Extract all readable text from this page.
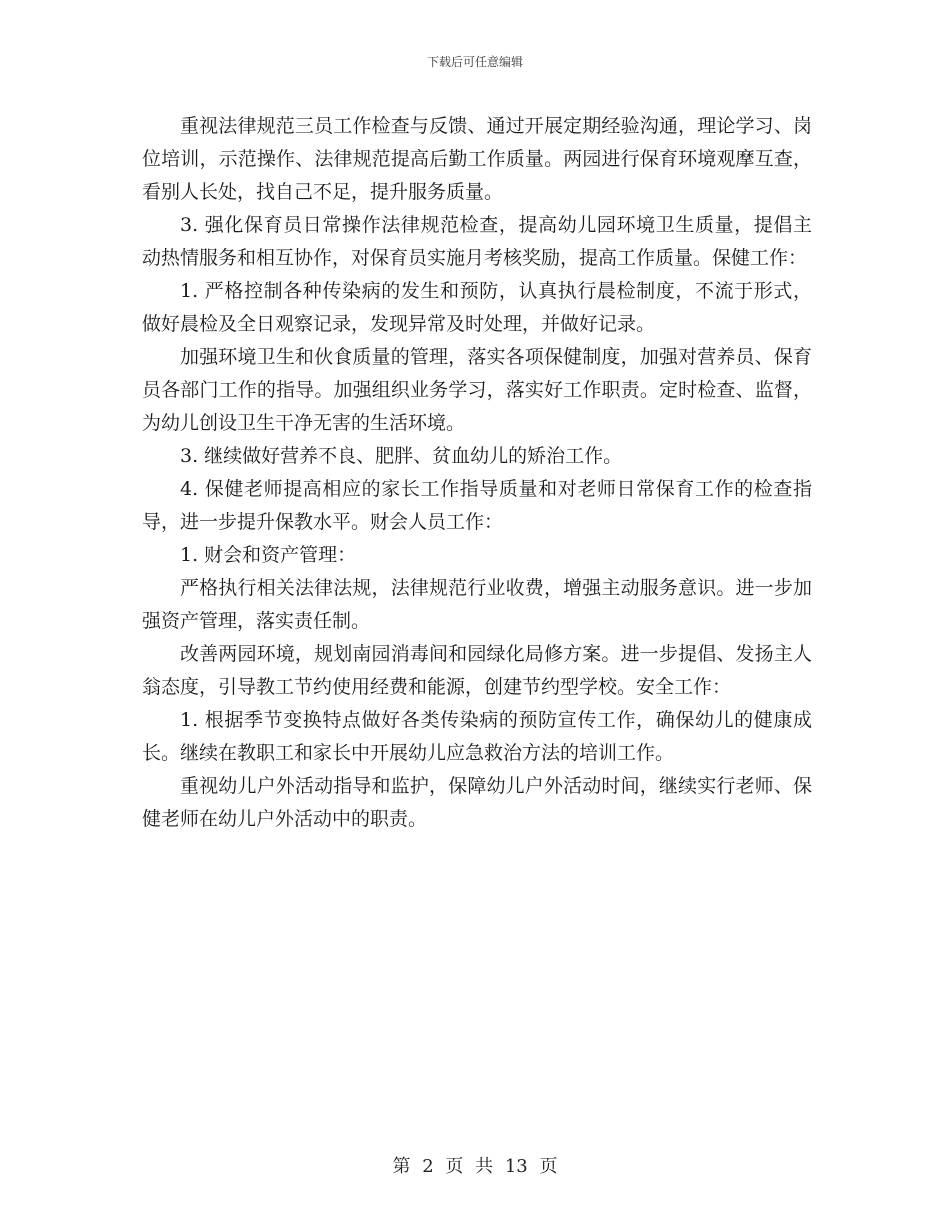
下载后可任意编辑

重视法律规范三员工作检查与反馈、通过开展定期经验沟通，理论学习、岗位培训，示范操作、法律规范提高后勤工作质量。两园进行保育环境观摩互查，看别人长处，找自己不足，提升服务质量。

3. 强化保育员日常操作法律规范检查，提高幼儿园环境卫生质量，提倡主动热情服务和相互协作，对保育员实施月考核奖励，提高工作质量。保健工作：

1. 严格控制各种传染病的发生和预防，认真执行晨检制度，不流于形式，做好晨检及全日观察记录，发现异常及时处理，并做好记录。

加强环境卫生和伙食质量的管理，落实各项保健制度，加强对营养员、保育员各部门工作的指导。加强组织业务学习，落实好工作职责。定时检查、监督，为幼儿创设卫生干净无害的生活环境。

3. 继续做好营养不良、肥胖、贫血幼儿的矫治工作。

4. 保健老师提高相应的家长工作指导质量和对老师日常保育工作的检查指导，进一步提升保教水平。财会人员工作：

1. 财会和资产管理：

严格执行相关法律法规，法律规范行业收费，增强主动服务意识。进一步加强资产管理，落实责任制。

改善两园环境，规划南园消毒间和园绿化局修方案。进一步提倡、发扬主人翁态度，引导教工节约使用经费和能源，创建节约型学校。安全工作：

1. 根据季节变换特点做好各类传染病的预防宣传工作，确保幼儿的健康成长。继续在教职工和家长中开展幼儿应急救治方法的培训工作。

重视幼儿户外活动指导和监护，保障幼儿户外活动时间，继续实行老师、保健老师在幼儿户外活动中的职责。

第 2 页 共 13 页
